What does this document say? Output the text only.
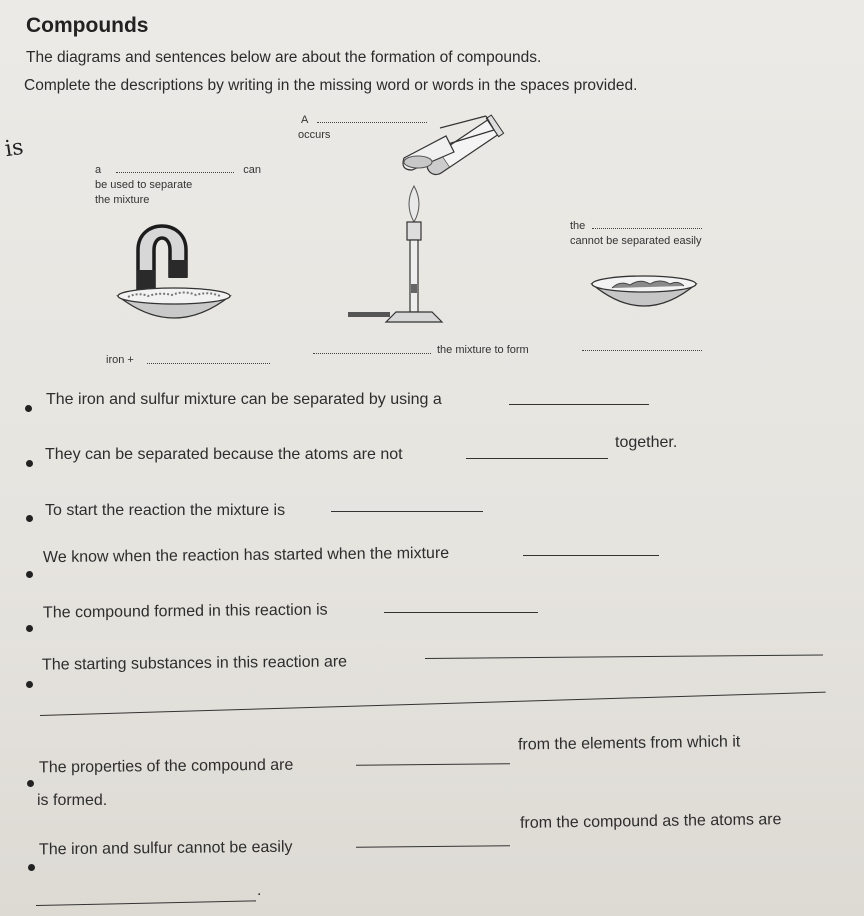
Compounds
The diagrams and sentences below are about the formation of compounds.
Complete the descriptions by writing in the missing word or words in the spaces provided.
is
a	can
be used to separate
the mixture
A
occurs
the
cannot be separated easily
iron +
the mixture to form
The iron and sulfur mixture can be separated by using a
They can be separated because the atoms are not
together.
To start the reaction the mixture is
We know when the reaction has started when the mixture
The compound formed in this reaction is
The starting substances in this reaction are
The properties of the compound are
from the elements from which it
is formed.
The iron and sulfur cannot be easily
from the compound as the atoms are
.
